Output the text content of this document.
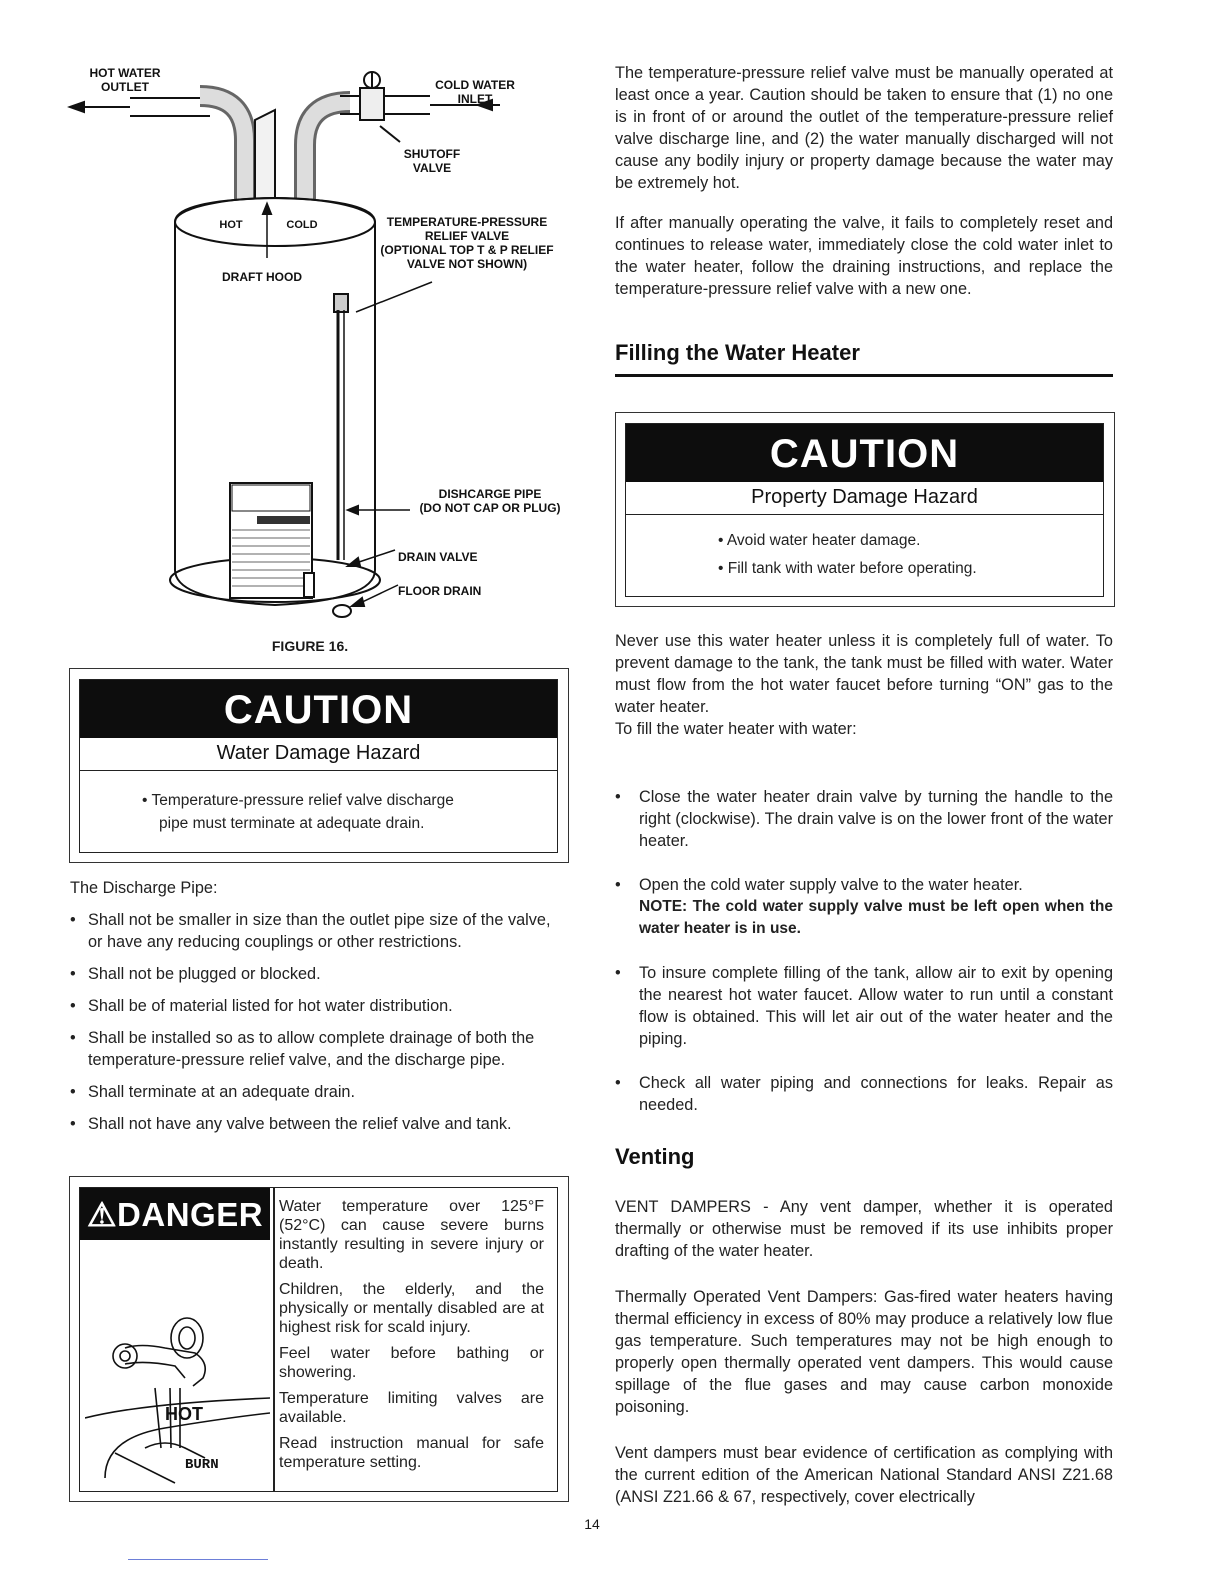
HOT WATER
OUTLET	COLD WATER
INLET
SHUTOFF
VALVE
HOT	COLD
DRAFT HOOD
TEMPERATURE-PRESSURE
RELIEF VALVE
(OPTIONAL TOP T & P RELIEF
VALVE NOT SHOWN)
DISHCARGE PIPE
(DO NOT CAP OR PLUG)
DRAIN VALVE
FLOOR DRAIN
FIGURE 16.
CAUTION
Water Damage Hazard
• Temperature-pressure relief valve discharge
pipe must terminate at adequate drain.
The Discharge Pipe:
• Shall not be smaller in size than the outlet pipe size of the valve, or have any reducing couplings or other restrictions.
• Shall not be plugged or blocked.
• Shall be of material listed for hot water distribution.
• Shall be installed so as to allow complete drainage of both the temperature-pressure relief valve, and the discharge pipe.
• Shall terminate at an adequate drain.
• Shall not have any valve between the relief valve and tank.
⚠DANGER
HOT
BURN

Water temperature over 125°F (52°C) can cause severe burns instantly resulting in severe injury or death.

Children, the elderly, and the physically or mentally disabled are at highest risk for scald injury.

Feel water before bathing or showering.

Temperature limiting valves are available.

Read instruction manual for safe temperature setting.

The temperature-pressure relief valve must be manually operated at least once a year. Caution should be taken to ensure that (1) no one is in front of or around the outlet of the temperature-pressure relief valve discharge line, and (2) the water manually discharged will not cause any bodily injury or property damage because the water may be extremely hot.

If after manually operating the valve, it fails to completely reset and continues to release water, immediately close the cold water inlet to the water heater, follow the draining instructions, and replace the temperature-pressure relief valve with a new one.

Filling the Water Heater
CAUTION
Property Damage Hazard
• Avoid water heater damage.
• Fill tank with water before operating.

Never use this water heater unless it is completely full of water. To prevent damage to the tank, the tank must be filled with water. Water must flow from the hot water faucet before turning “ON” gas to the water heater.

To fill the water heater with water:

• Close the water heater drain valve by turning the handle to the right (clockwise). The drain valve is on the lower front of the water heater.
• Open the cold water supply valve to the water heater.
NOTE: The cold water supply valve must be left open when the water heater is in use.
• To insure complete filling of the tank, allow air to exit by opening the nearest hot water faucet. Allow water to run until a constant flow is obtained. This will let air out of the water heater and the piping.
• Check all water piping and connections for leaks. Repair as needed.
Venting

VENT DAMPERS - Any vent damper, whether it is operated thermally or otherwise must be removed if its use inhibits proper drafting of the water heater.

Thermally Operated Vent Dampers: Gas-fired water heaters having thermal efficiency in excess of 80% may produce a relatively low flue gas temperature. Such temperatures may not be high enough to properly open thermally operated vent dampers. This would cause spillage of the flue gases and may cause carbon monoxide poisoning.

Vent dampers must bear evidence of certification as complying with the current edition of the American National Standard ANSI Z21.68 (ANSI Z21.66 & 67, respectively, cover electrically

14
